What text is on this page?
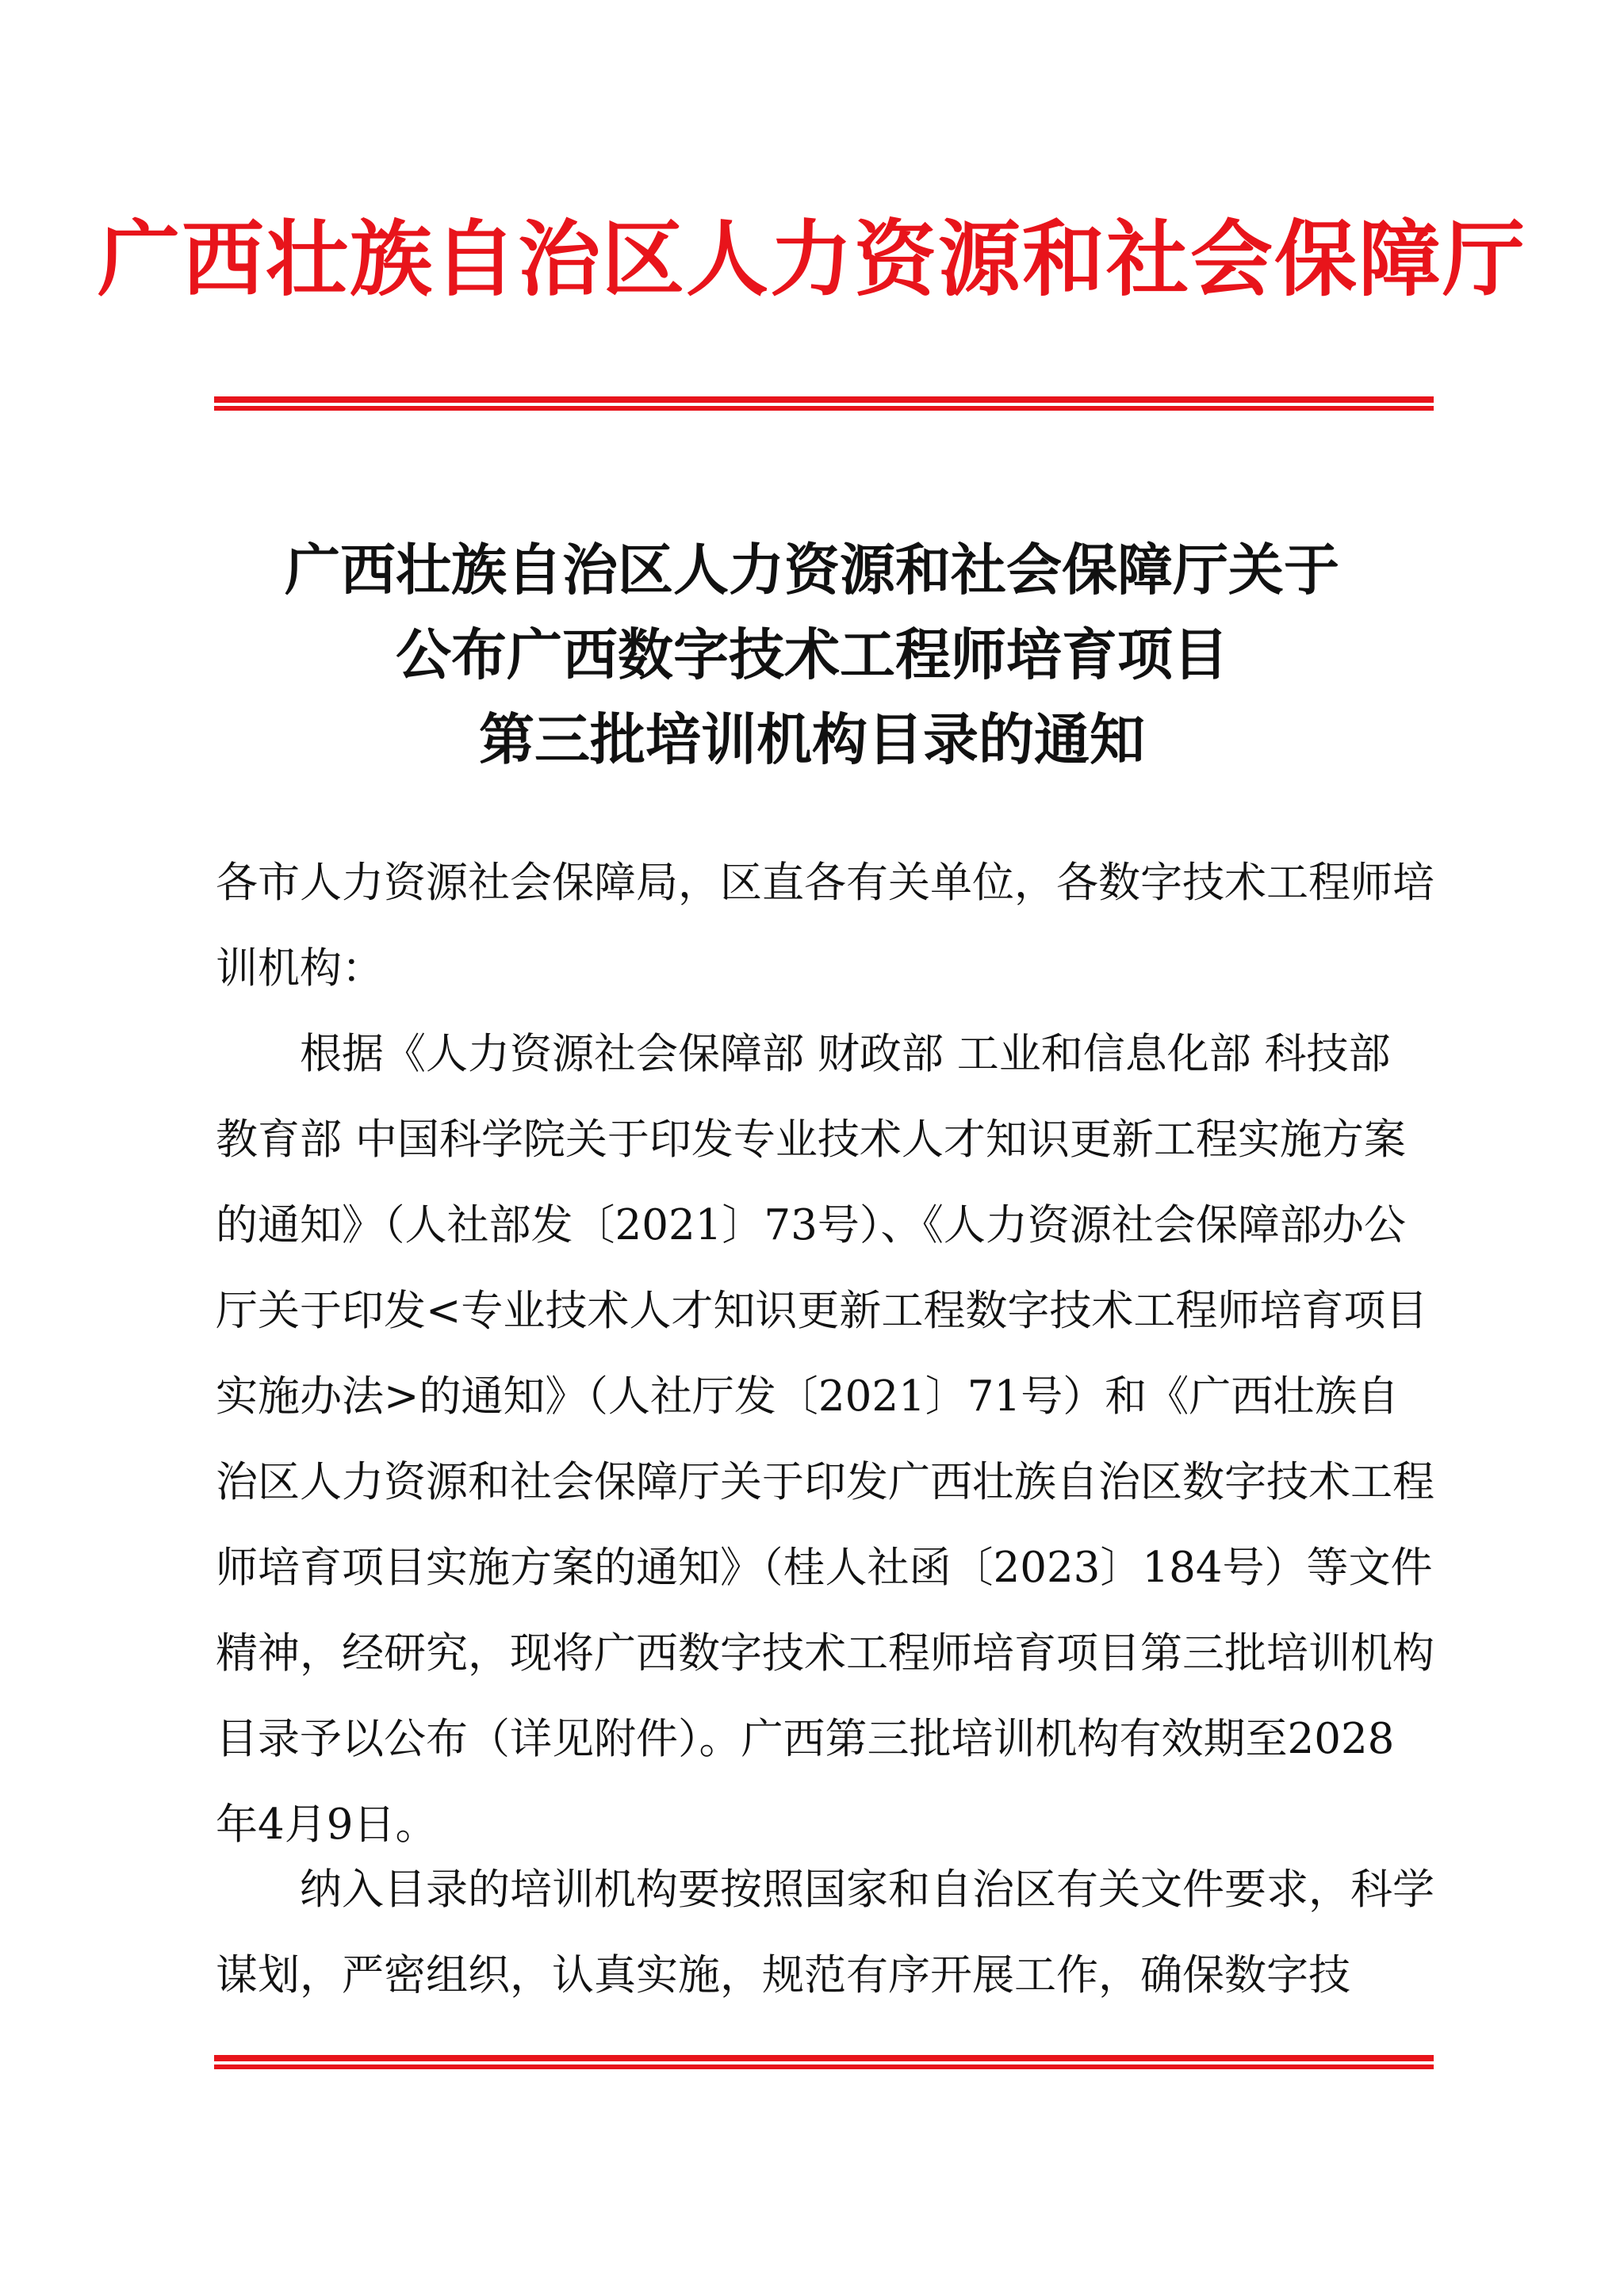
广西壮族自治区人力资源和社会保障厅
广西壮族自治区人力资源和社会保障厅关于
公布广西数字技术工程师培育项目
第三批培训机构目录的通知

各市人力资源社会保障局，区直各有关单位，各数字技术工程师培训机构：

根据《人力资源社会保障部 财政部 工业和信息化部 科技部 教育部 中国科学院关于印发专业技术人才知识更新工程实施方案的通知》（人社部发〔2021〕73号）、《人力资源社会保障部办公厅关于印发<专业技术人才知识更新工程数字技术工程师培育项目实施办法>的通知》（人社厅发〔2021〕71号）和《广西壮族自治区人力资源和社会保障厅关于印发广西壮族自治区数字技术工程师培育项目实施方案的通知》（桂人社函〔2023〕184号）等文件精神，经研究，现将广西数字技术工程师培育项目第三批培训机构目录予以公布（详见附件）。广西第三批培训机构有效期至2028年4月9日。

纳入目录的培训机构要按照国家和自治区有关文件要求，科学谋划，严密组织，认真实施，规范有序开展工作，确保数字技
